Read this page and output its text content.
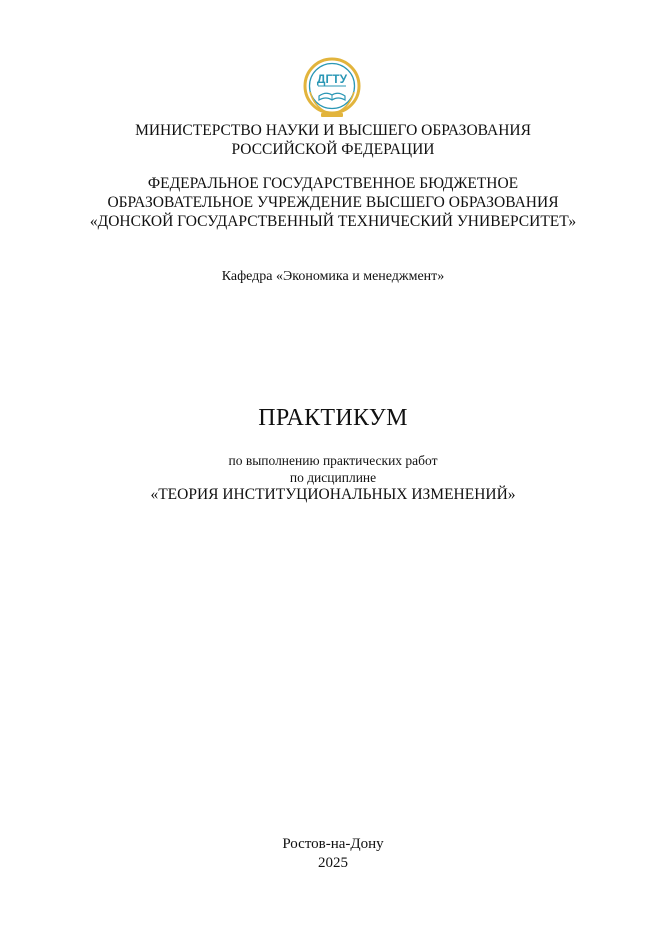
ДГТУ
МИНИСТЕРСТВО НАУКИ И ВЫСШЕГО ОБРАЗОВАНИЯ
РОССИЙСКОЙ ФЕДЕРАЦИИ
ФЕДЕРАЛЬНОЕ ГОСУДАРСТВЕННОЕ БЮДЖЕТНОЕ
ОБРАЗОВАТЕЛЬНОЕ УЧРЕЖДЕНИЕ ВЫСШЕГО ОБРАЗОВАНИЯ
«ДОНСКОЙ ГОСУДАРСТВЕННЫЙ ТЕХНИЧЕСКИЙ УНИВЕРСИТЕТ»
Кафедра «Экономика и менеджмент»
ПРАКТИКУМ
по выполнению практических работ
по дисциплине
«ТЕОРИЯ ИНСТИТУЦИОНАЛЬНЫХ ИЗМЕНЕНИЙ»
Ростов-на-Дону
2025
